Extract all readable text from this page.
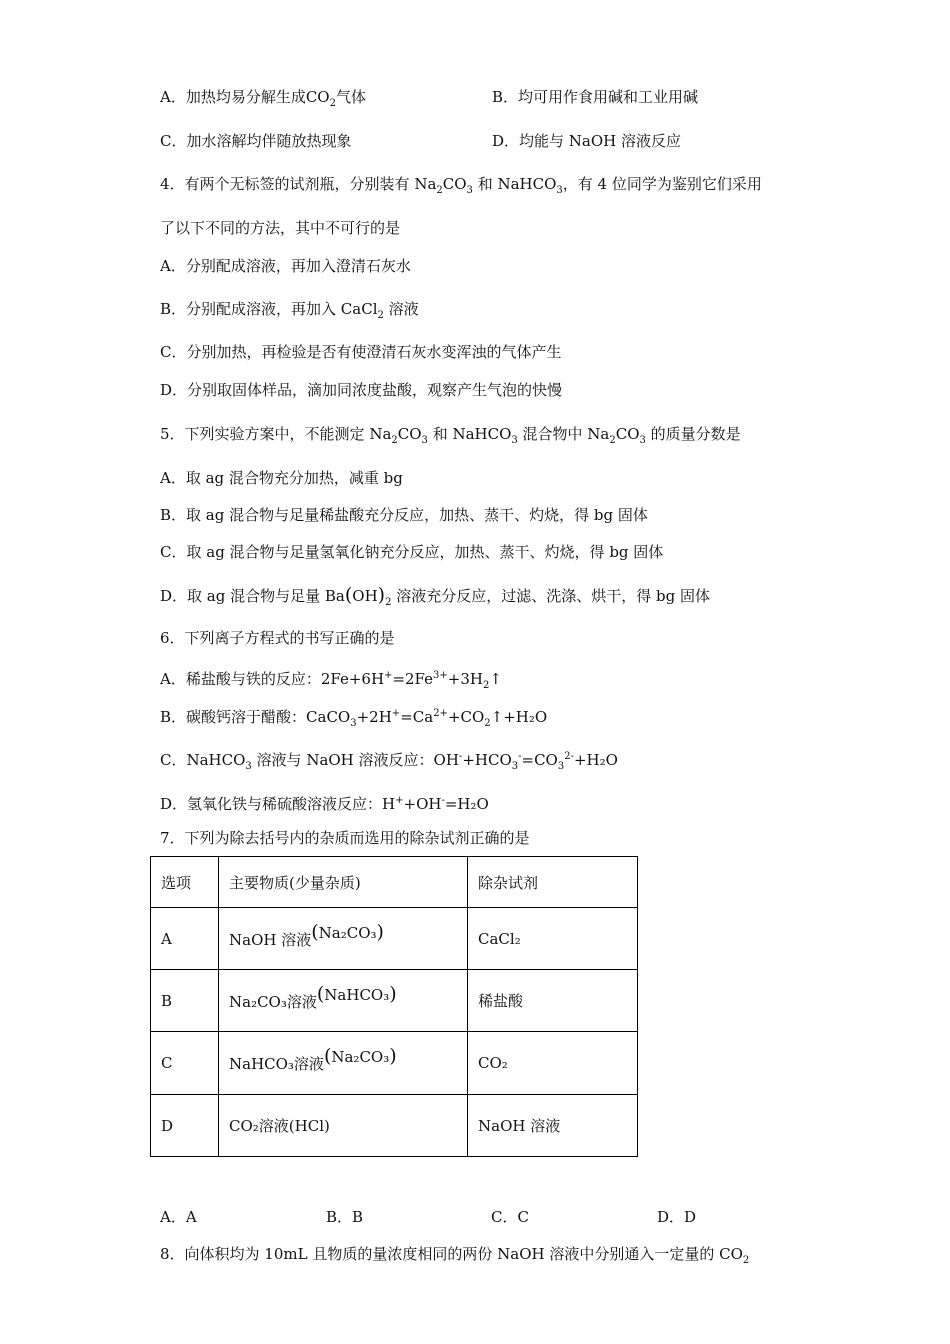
A．加热均易分解生成$CO_2$气体	B．均可用作食用碱和工业用碱
C．加水溶解均伴随放热现象	D．均能与 NaOH 溶液反应
4．有两个无标签的试剂瓶，分别装有 $Na_2CO_3$ 和 NaHCO$_3$，有 4 位同学为鉴别它们采用
了以下不同的方法，其中不可行的是
A．分别配成溶液，再加入澄清石灰水
B．分别配成溶液，再加入 CaCl$_2$ 溶液
C．分别加热，再检验是否有使澄清石灰水变浑浊的气体产生
D．分别取固体样品，滴加同浓度盐酸，观察产生气泡的快慢
5．下列实验方案中，不能测定 $Na_2CO_3$ 和 NaHCO$_3$ 混合物中 $Na_2CO_3$ 的质量分数是
A．取 ag 混合物充分加热，减重 bg
B．取 ag 混合物与足量稀盐酸充分反应，加热、蒸干、灼烧，得 bg 固体
C．取 ag 混合物与足量氢氧化钠充分反应，加热、蒸干、灼烧，得 bg 固体
D．取 ag 混合物与足量 $Ba(OH)_2$ 溶液充分反应，过滤、洗涤、烘干，得 bg 固体
6．下列离子方程式的书写正确的是
A．稀盐酸与铁的反应：$2Fe+6H^+=2Fe^{3+}+3H_2↑$
B．碳酸钙溶于醋酸：$CaCO_3+2H^+=Ca^{2+}+CO_2↑+H_2O$
C．NaHCO$_3$ 溶液与 NaOH 溶液反应：$OH^-+HCO_3^-=CO_3^{2-}+H_2O$
D．氢氧化铁与稀硫酸溶液反应：H++OH-=H₂O
7．下列为除去括号内的杂质而选用的除杂试剂正确的是
选项	主要物质(少量杂质)	除杂试剂
A	NaOH 溶液(Na₂CO₃)	CaCl₂
B	Na₂CO₃溶液(NaHCO₃)	稀盐酸
C	NaHCO₃溶液(Na₂CO₃)	CO₂
D	CO₂溶液(HCl)	NaOH 溶液
A．A	B．B	C．C	D．D
8．向体积均为 10mL 且物质的量浓度相同的两份 NaOH 溶液中分别通入一定量的 $CO_2$
